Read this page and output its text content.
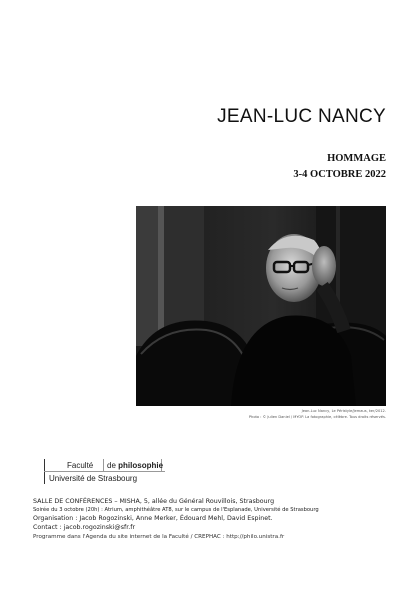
JEAN-LUC NANCY
HOMMAGE
3-4 OCTOBRE 2022
Jean-Luc Nancy, Le Péristyle/Jemaus, ker/2012.
Photo : © Julien Daniel / MYOP. La fotographie, célèbre. Tous droits réservés.
Faculté de philosophie
Université de Strasbourg
SALLE DE CONFÉRENCES – MISHA, 5, allée du Général Rouvillois, Strasbourg
Soirée du 3 octobre (20h) : Atrium, amphithéâtre AT8, sur le campus de l'Esplanade, Université de Strasbourg
Organisation : Jacob Rogozinski, Anne Merker, Édouard Mehl, David Espinet.
Contact : jacob.rogozinski@sfr.fr
Programme dans l'Agenda du site internet de la Faculté / CREPHAC : http://philo.unistra.fr
